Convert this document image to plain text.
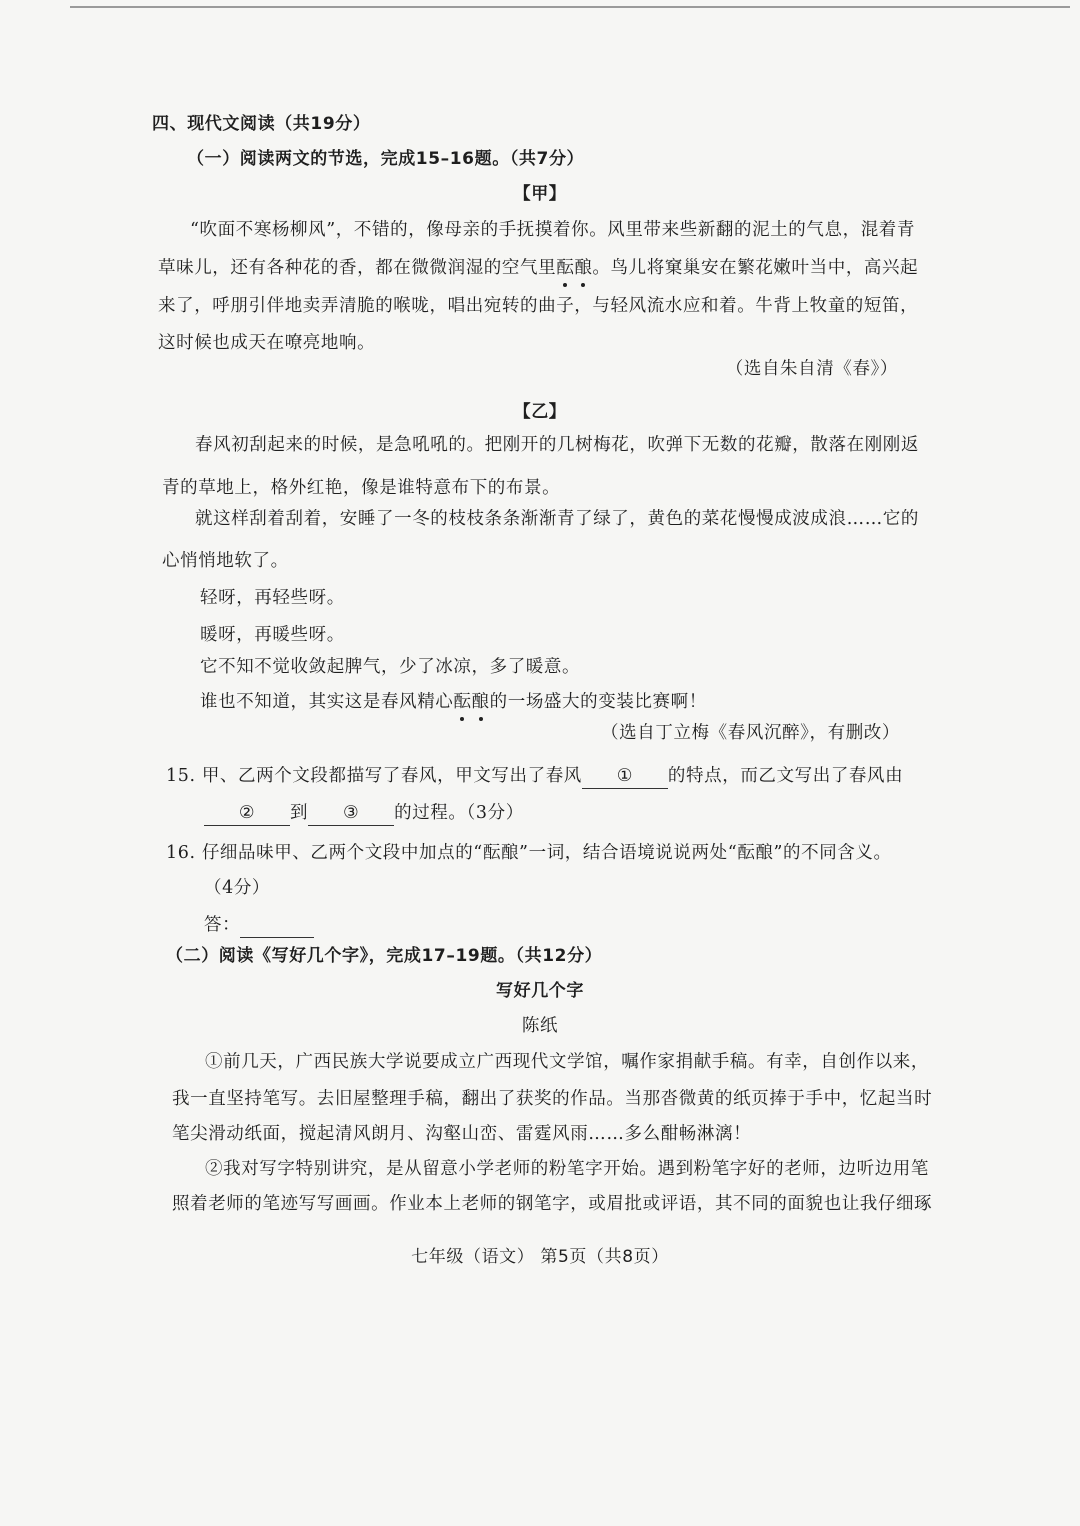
四、现代文阅读（共19分）
（一）阅读两文的节选，完成15–16题。（共7分）
【甲】
“吹面不寒杨柳风”，不错的，像母亲的手抚摸着你。风里带来些新翻的泥土的气息，混着青
草味儿，还有各种花的香，都在微微润湿的空气里酝酿。鸟儿将窠巢安在繁花嫩叶当中，高兴起
来了，呼朋引伴地卖弄清脆的喉咙，唱出宛转的曲子，与轻风流水应和着。牛背上牧童的短笛，
这时候也成天在嘹亮地响。
（选自朱自清《春》）
【乙】
春风初刮起来的时候，是急吼吼的。把刚开的几树梅花，吹弹下无数的花瓣，散落在刚刚返
青的草地上，格外红艳，像是谁特意布下的布景。
就这样刮着刮着，安睡了一冬的枝枝条条渐渐青了绿了，黄色的菜花慢慢成波成浪……它的
心悄悄地软了。
轻呀，再轻些呀。
暖呀，再暖些呀。
它不知不觉收敛起脾气，少了冰凉，多了暖意。
谁也不知道，其实这是春风精心酝酿的一场盛大的变装比赛啊！
（选自丁立梅《春风沉醉》，有删改）
15. 甲、乙两个文段都描写了春风，甲文写出了春风 ① 的特点，而乙文写出了春风由
② 到 ③ 的过程。（3分）
16. 仔细品味甲、乙两个文段中加点的“酝酿”一词，结合语境说说两处“酝酿”的不同含义。
（4分）
答：
（二）阅读《写好几个字》，完成17–19题。（共12分）
写好几个字
陈纸
①前几天，广西民族大学说要成立广西现代文学馆，嘱作家捐献手稿。有幸，自创作以来，
我一直坚持笔写。去旧屋整理手稿，翻出了获奖的作品。当那沓微黄的纸页捧于手中，忆起当时
笔尖滑动纸面，搅起清风朗月、沟壑山峦、雷霆风雨……多么酣畅淋漓！
②我对写字特别讲究，是从留意小学老师的粉笔字开始。遇到粉笔字好的老师，边听边用笔
照着老师的笔迹写写画画。作业本上老师的钢笔字，或眉批或评语，其不同的面貌也让我仔细琢
七年级（语文） 第5页（共8页）
